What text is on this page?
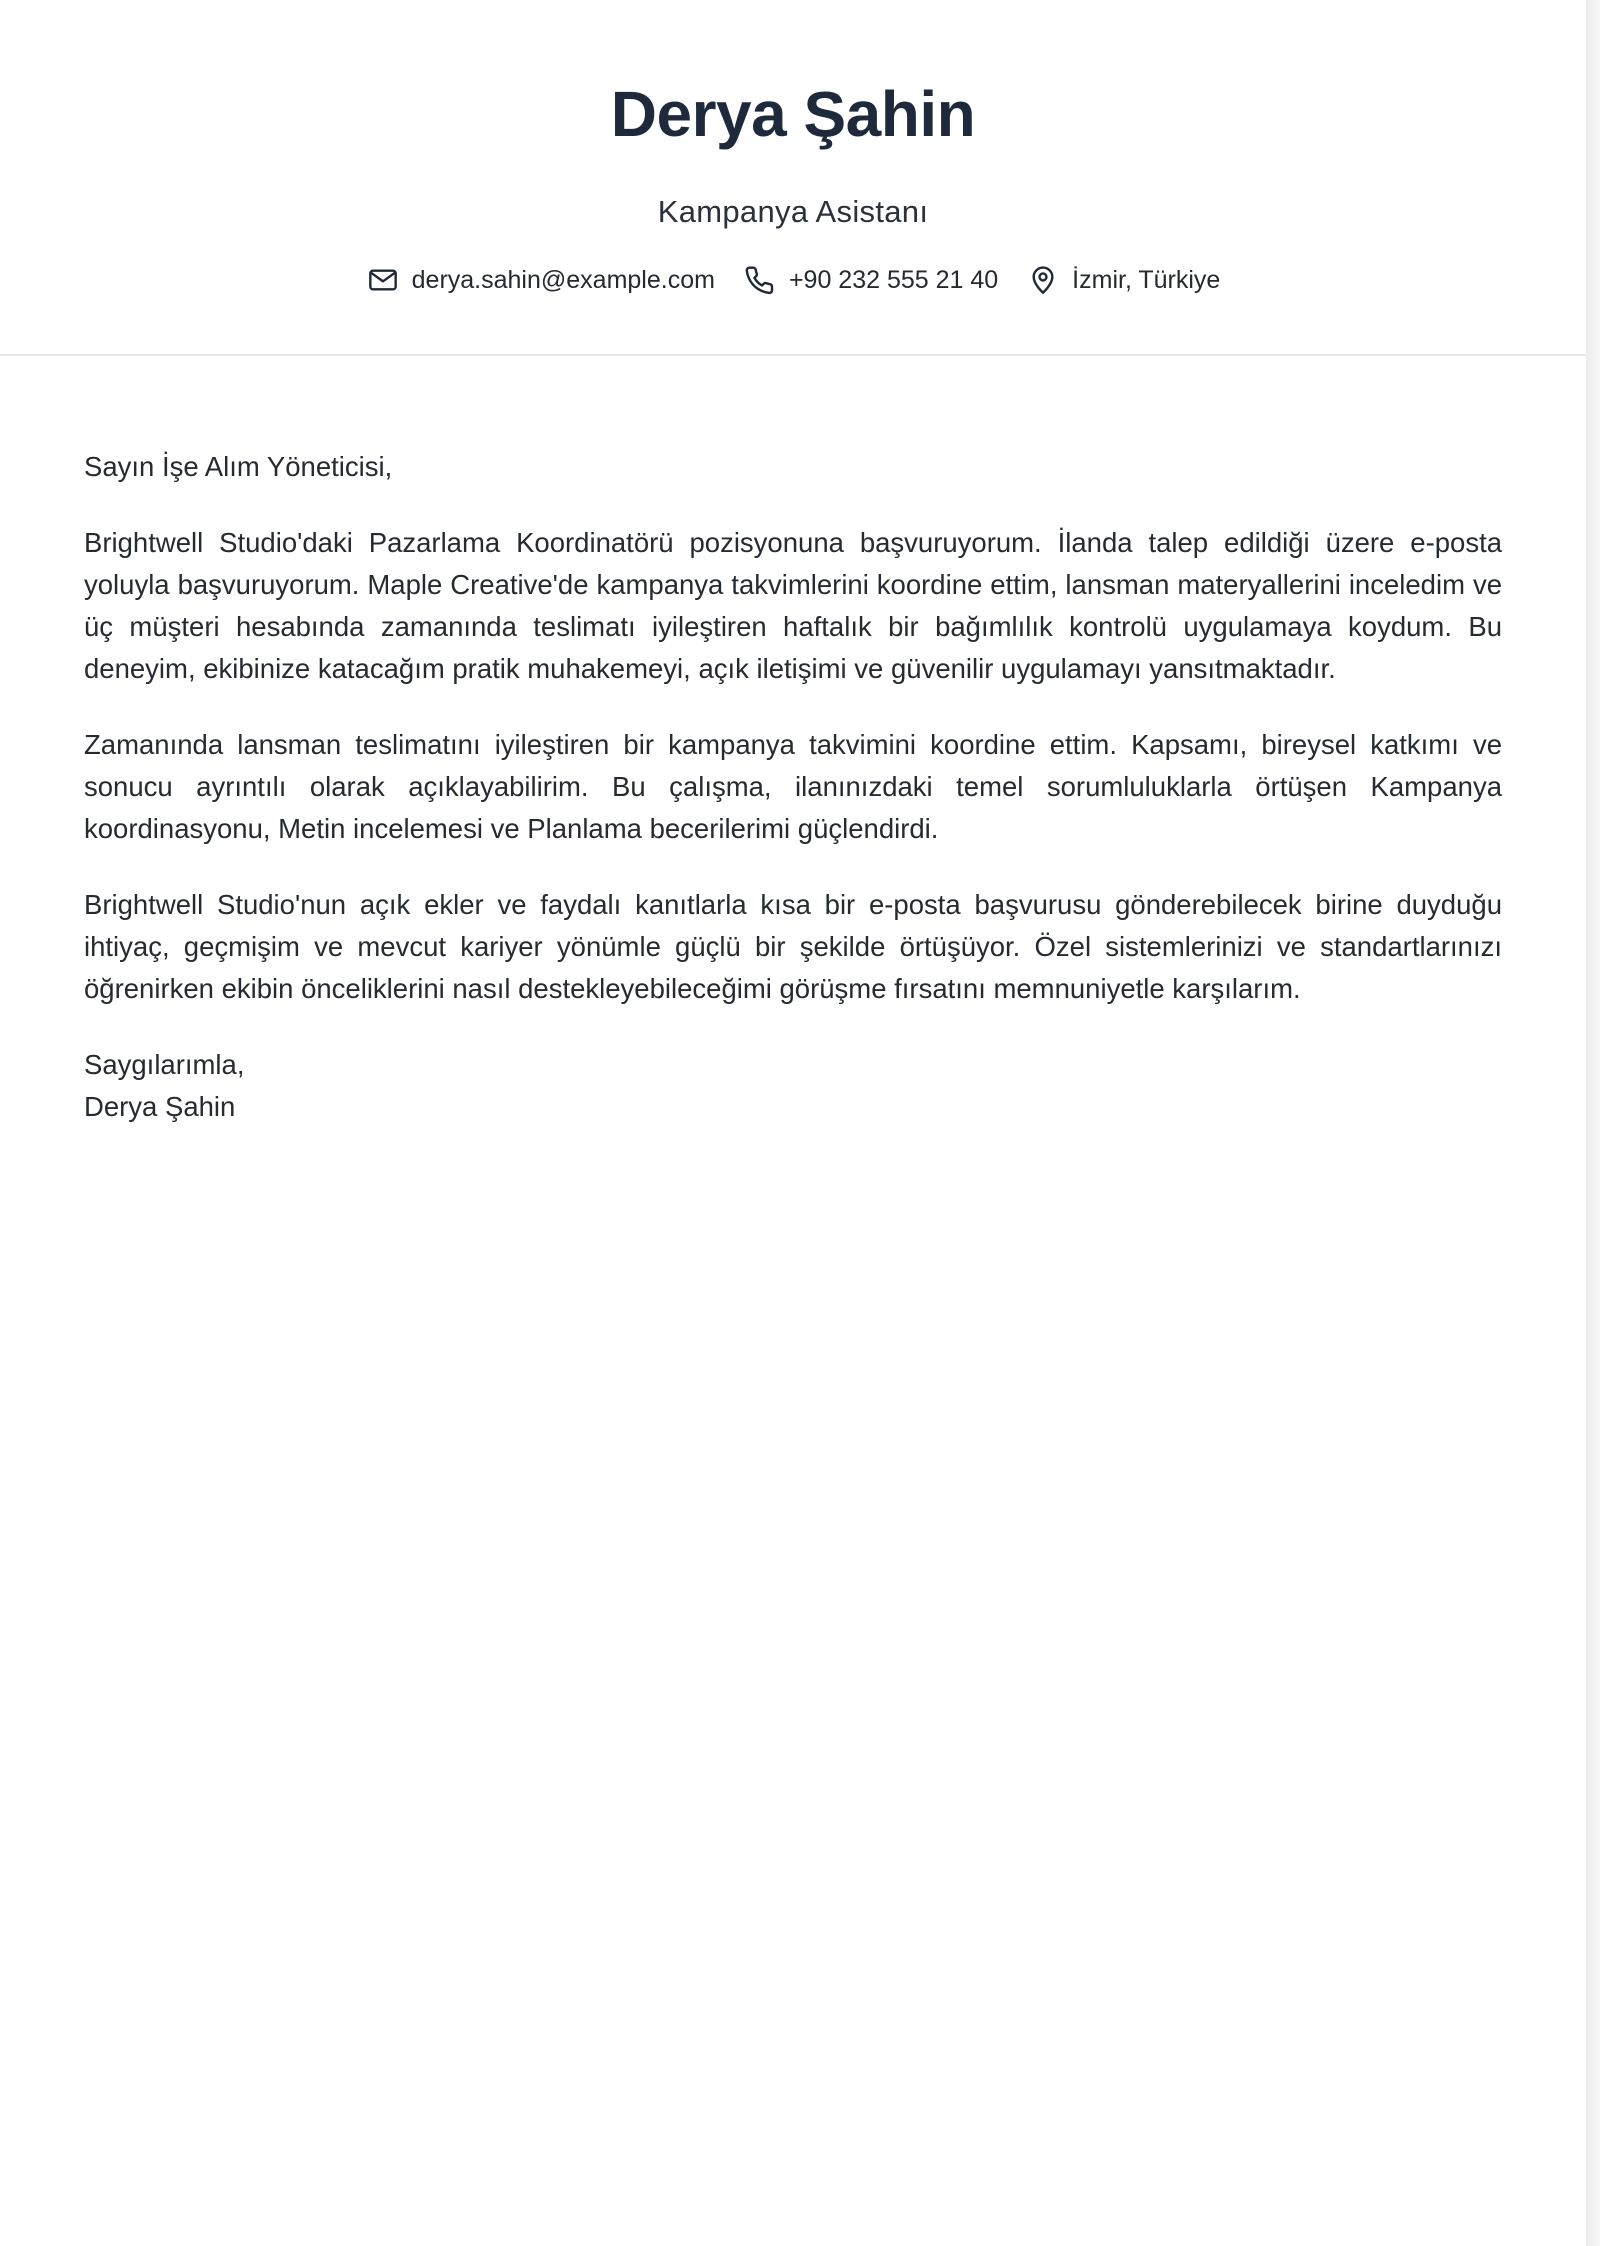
Derya Şahin
Kampanya Asistanı
derya.sahin@example.com	+90 232 555 21 40	İzmir, Türkiye

Sayın İşe Alım Yöneticisi,

Brightwell Studio'daki Pazarlama Koordinatörü pozisyonuna başvuruyorum. İlanda talep edildiği üzere e-posta yoluyla başvuruyorum. Maple Creative'de kampanya takvimlerini koordine ettim, lansman materyallerini inceledim ve üç müşteri hesabında zamanında teslimatı iyileştiren haftalık bir bağımlılık kontrolü uygulamaya koydum. Bu deneyim, ekibinize katacağım pratik muhakemeyi, açık iletişimi ve güvenilir uygulamayı yansıtmaktadır.

Zamanında lansman teslimatını iyileştiren bir kampanya takvimini koordine ettim. Kapsamı, bireysel katkımı ve sonucu ayrıntılı olarak açıklayabilirim. Bu çalışma, ilanınızdaki temel sorumluluklarla örtüşen Kampanya koordinasyonu, Metin incelemesi ve Planlama becerilerimi güçlendirdi.

Brightwell Studio'nun açık ekler ve faydalı kanıtlarla kısa bir e-posta başvurusu gönderebilecek birine duyduğu ihtiyaç, geçmişim ve mevcut kariyer yönümle güçlü bir şekilde örtüşüyor. Özel sistemlerinizi ve standartlarınızı öğrenirken ekibin önceliklerini nasıl destekleyebileceğimi görüşme fırsatını memnuniyetle karşılarım.

Saygılarımla,

Derya Şahin
